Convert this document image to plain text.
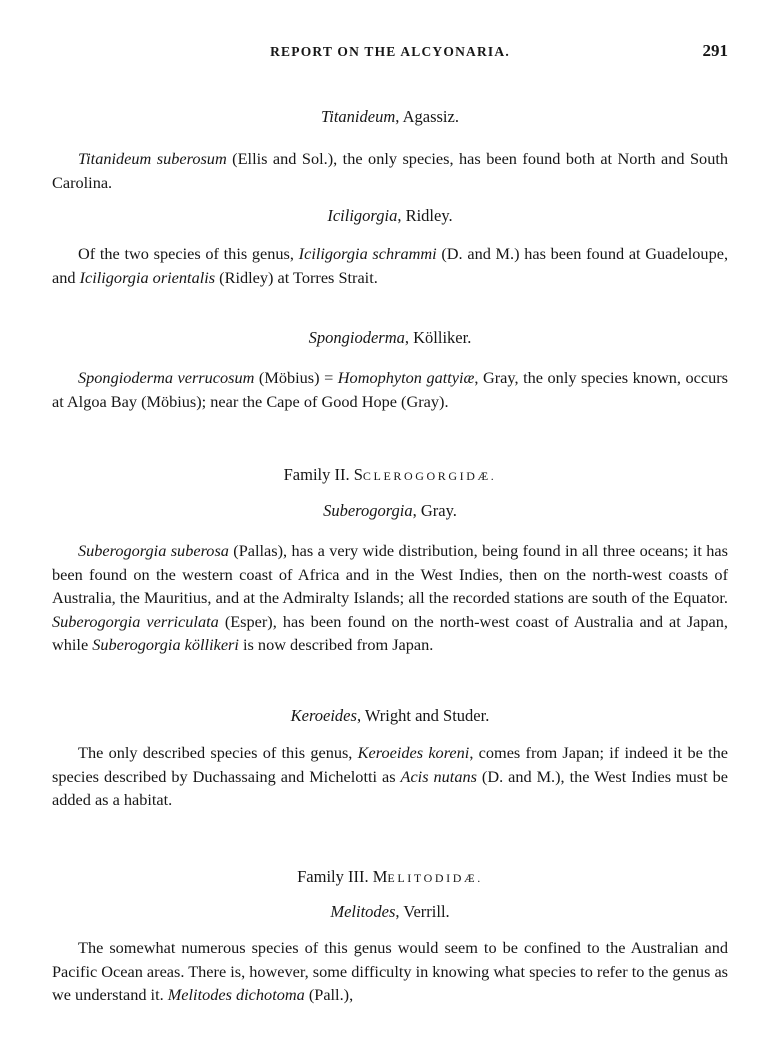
REPORT ON THE ALCYONARIA.	291
Titanideum, Agassiz.

Titanideum suberosum (Ellis and Sol.), the only species, has been found both at North and South Carolina.

Iciligorgia, Ridley.

Of the two species of this genus, Iciligorgia schrammi (D. and M.) has been found at Guadeloupe, and Iciligorgia orientalis (Ridley) at Torres Strait.

Spongioderma, Kölliker.

Spongioderma verrucosum (Möbius) = Homophyton gattyiæ, Gray, the only species known, occurs at Algoa Bay (Möbius); near the Cape of Good Hope (Gray).

Family II. SCLEROGORGIDÆ.
Suberogorgia, Gray.

Suberogorgia suberosa (Pallas), has a very wide distribution, being found in all three oceans; it has been found on the western coast of Africa and in the West Indies, then on the north-west coasts of Australia, the Mauritius, and at the Admiralty Islands; all the recorded stations are south of the Equator. Suberogorgia verriculata (Esper), has been found on the north-west coast of Australia and at Japan, while Suberogorgia köllikeri is now described from Japan.

Keroeides, Wright and Studer.

The only described species of this genus, Keroeides koreni, comes from Japan; if indeed it be the species described by Duchassaing and Michelotti as Acis nutans (D. and M.), the West Indies must be added as a habitat.

Family III. MELITODIDÆ.
Melitodes, Verrill.

The somewhat numerous species of this genus would seem to be confined to the Australian and Pacific Ocean areas. There is, however, some difficulty in knowing what species to refer to the genus as we understand it. Melitodes dichotoma (Pall.),
